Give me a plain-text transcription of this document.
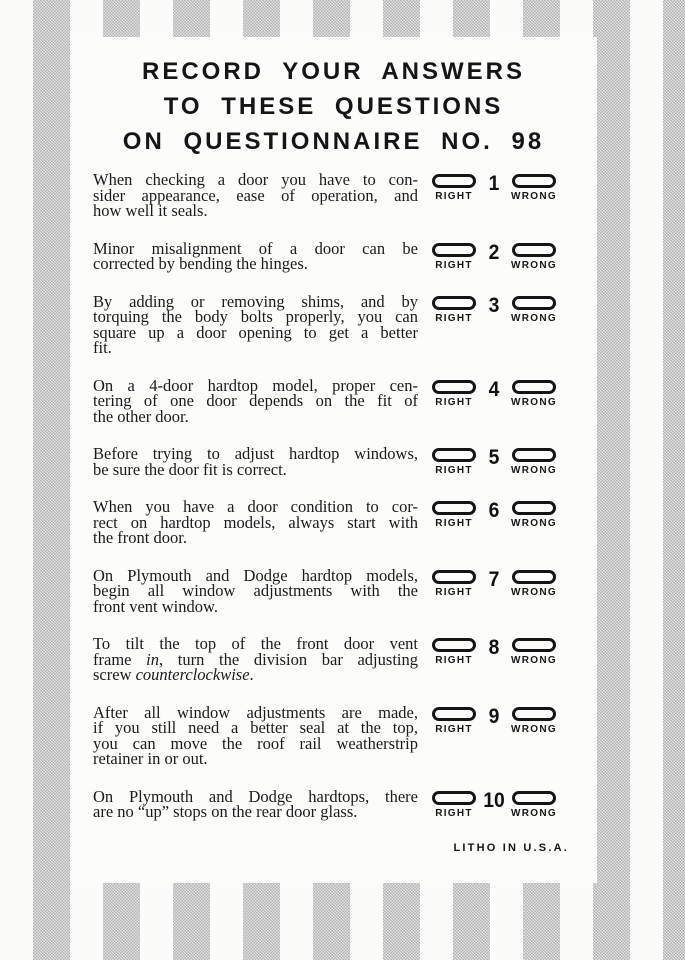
RECORD YOUR ANSWERS
TO THESE QUESTIONS
ON QUESTIONNAIRE NO. 98
When checking a door you have to con-
sider appearance, ease of operation, and
how well it seals.
RIGHT
1
WRONG
Minor misalignment of a door can be
corrected by bending the hinges.	RIGHT
2
WRONG
By adding or removing shims, and by
torquing the body bolts properly, you can
square up a door opening to get a better
fit.
RIGHT
3
WRONG
On a 4-door hardtop model, proper cen-
tering of one door depends on the fit of
the other door.
RIGHT
4
WRONG
Before trying to adjust hardtop windows,
be sure the door fit is correct.	RIGHT
5
WRONG
When you have a door condition to cor-
rect on hardtop models, always start with
the front door.
RIGHT
6
WRONG
On Plymouth and Dodge hardtop models,
begin all window adjustments with the
front vent window.
RIGHT
7
WRONG
To tilt the top of the front door vent
frame in, turn the division bar adjusting
screw counterclockwise.
RIGHT
8
WRONG
After all window adjustments are made,
if you still need a better seal at the top,
you can move the roof rail weatherstrip
retainer in or out.
RIGHT
9
WRONG
On Plymouth and Dodge hardtops, there
are no “up” stops on the rear door glass.	RIGHT
10
WRONG
LITHO IN U.S.A.
